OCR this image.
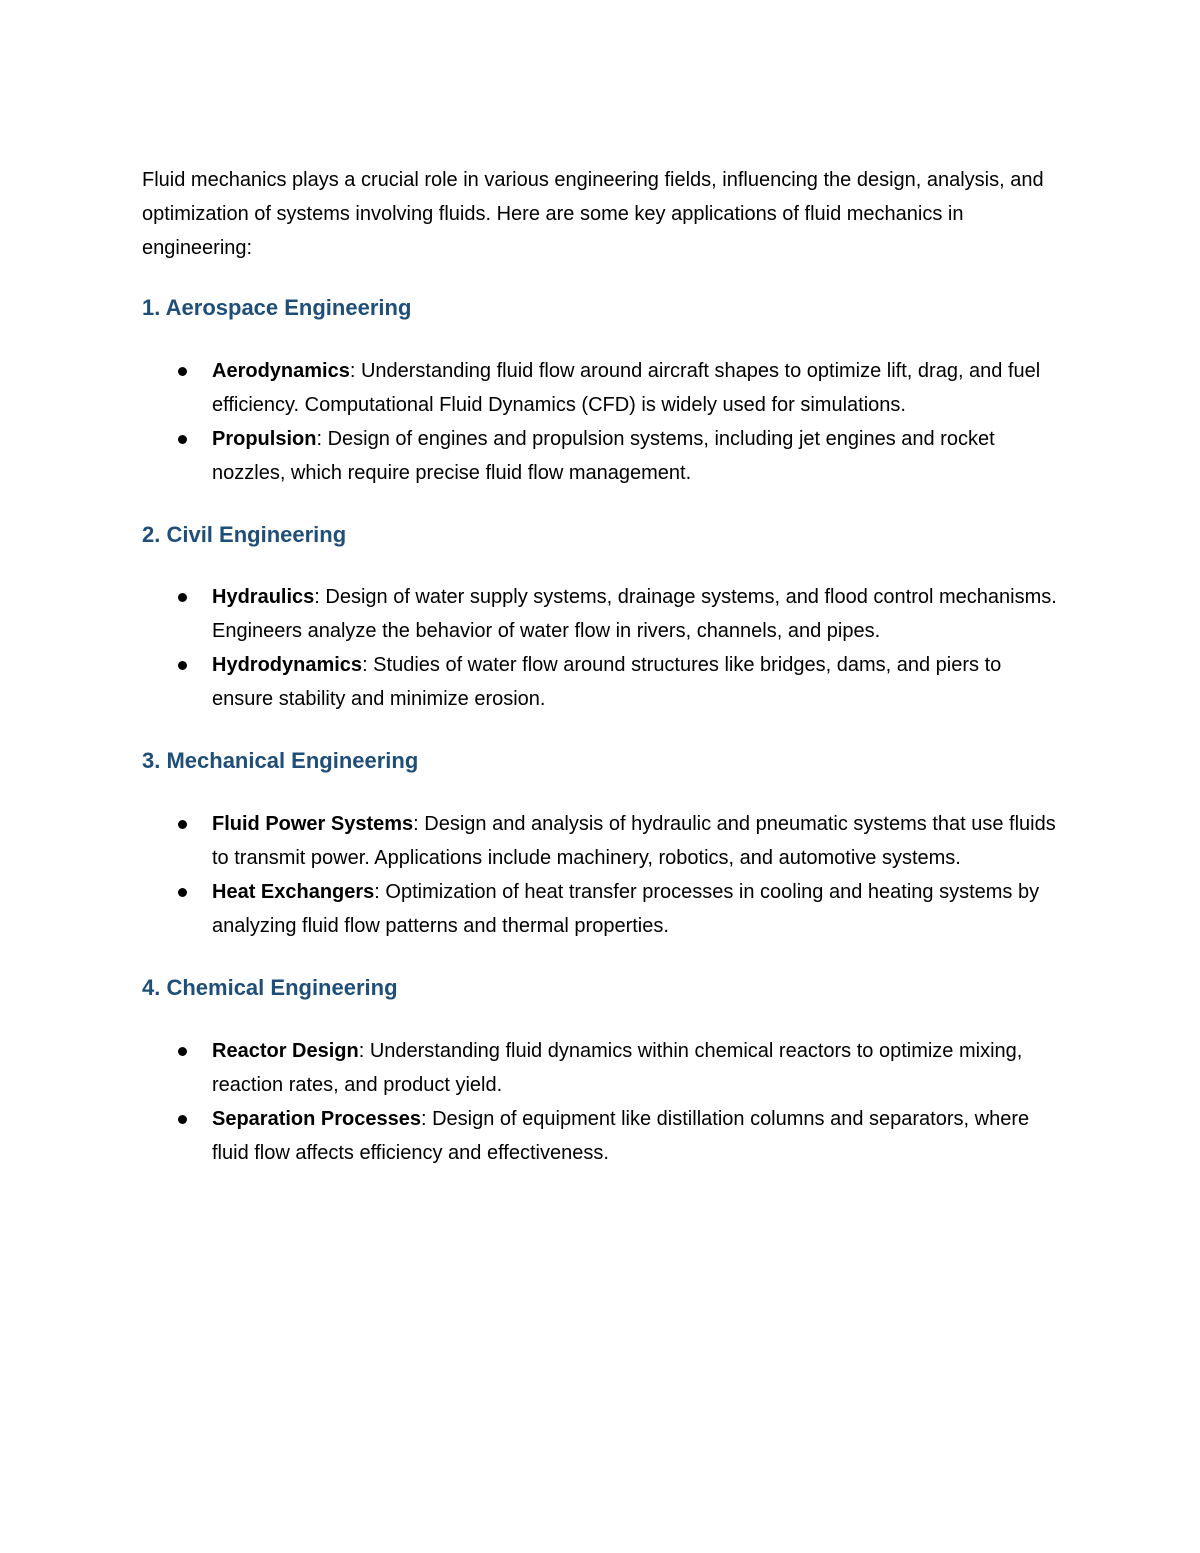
Fluid mechanics plays a crucial role in various engineering fields, influencing the design, analysis, and optimization of systems involving fluids. Here are some key applications of fluid mechanics in engineering:

1. Aerospace Engineering
Aerodynamics: Understanding fluid flow around aircraft shapes to optimize lift, drag, and fuel efficiency. Computational Fluid Dynamics (CFD) is widely used for simulations.
Propulsion: Design of engines and propulsion systems, including jet engines and rocket nozzles, which require precise fluid flow management.
2. Civil Engineering
Hydraulics: Design of water supply systems, drainage systems, and flood control mechanisms. Engineers analyze the behavior of water flow in rivers, channels, and pipes.
Hydrodynamics: Studies of water flow around structures like bridges, dams, and piers to ensure stability and minimize erosion.
3. Mechanical Engineering
Fluid Power Systems: Design and analysis of hydraulic and pneumatic systems that use fluids to transmit power. Applications include machinery, robotics, and automotive systems.
Heat Exchangers: Optimization of heat transfer processes in cooling and heating systems by analyzing fluid flow patterns and thermal properties.
4. Chemical Engineering
Reactor Design: Understanding fluid dynamics within chemical reactors to optimize mixing, reaction rates, and product yield.
Separation Processes: Design of equipment like distillation columns and separators, where fluid flow affects efficiency and effectiveness.
